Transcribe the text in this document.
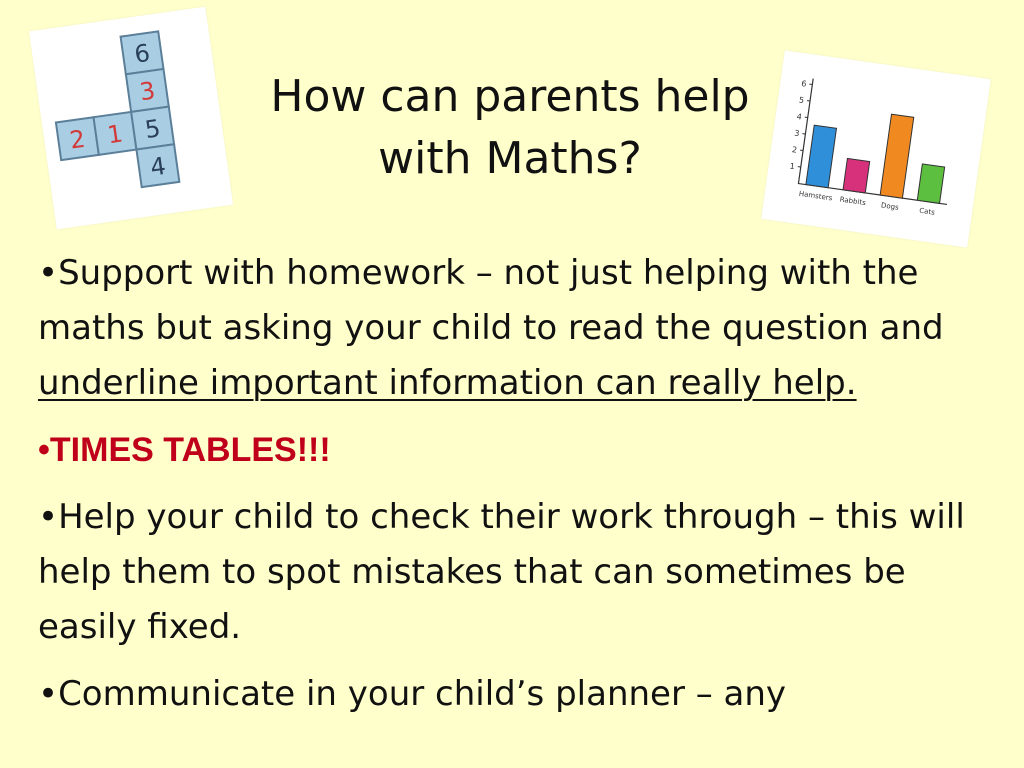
6
3
2 1 5
4
How can parents help
with Maths?	1
2
3
4
5
6
Hamsters Rabbits Dogs
Cats

•Support with homework – not just helping with the maths but asking your child to read the question and underline important information can really help.

•TIMES TABLES!!!

•Help your child to check their work through – this will help them to spot mistakes that can sometimes be easily fixed.

•Communicate in your child’s planner – any
